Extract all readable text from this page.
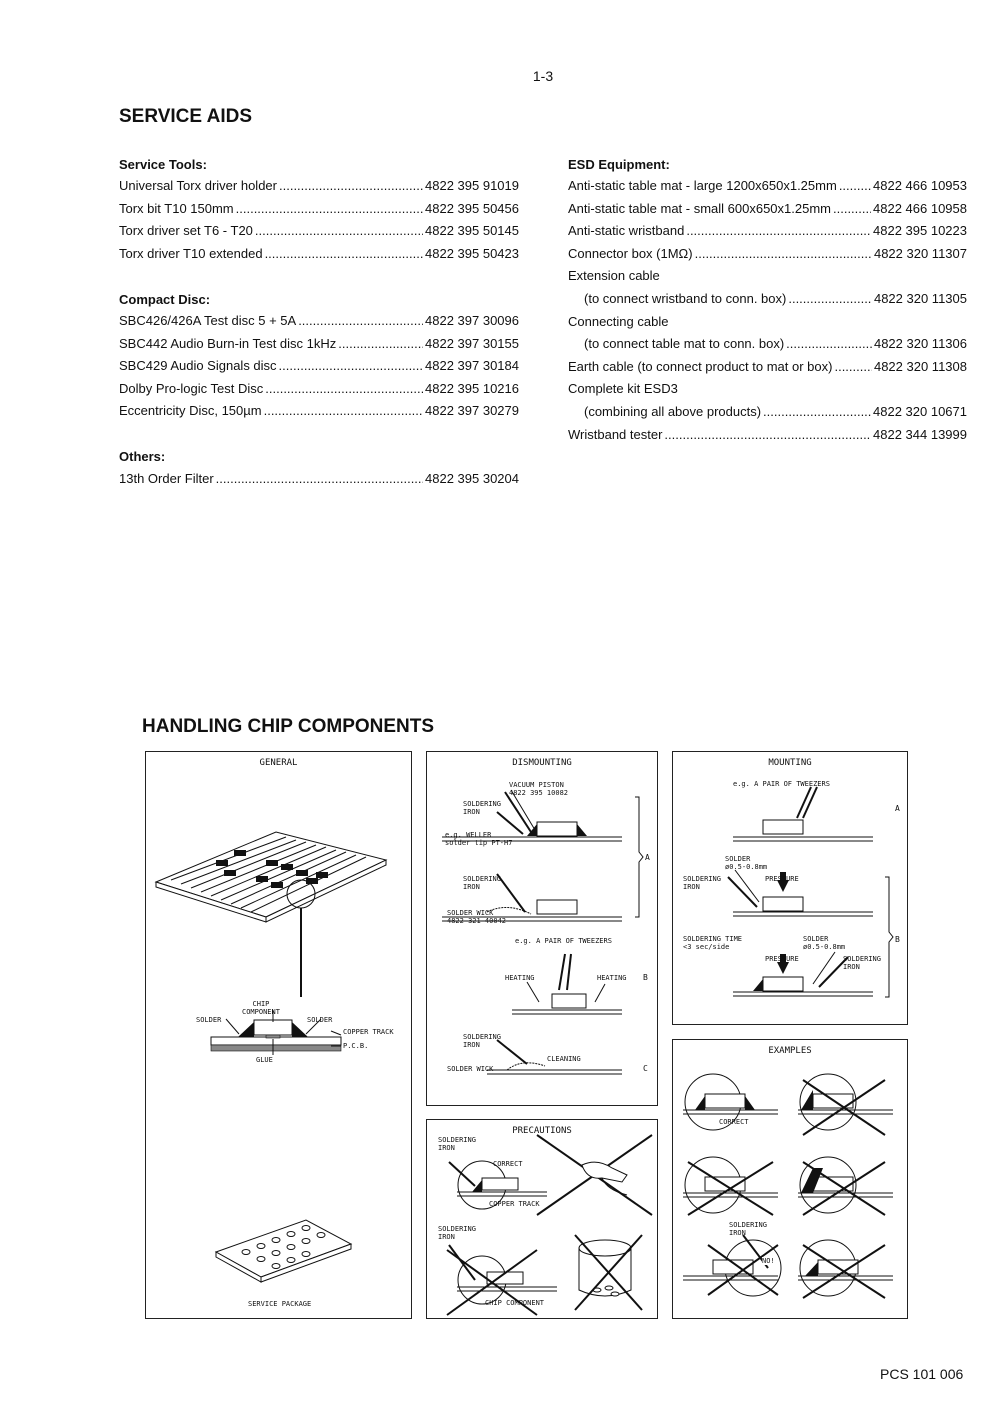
1-3
SERVICE AIDS
Service Tools:
Universal Torx driver holder .....	4822 395 91019
Torx bit T10 150mm .....	4822 395 50456
Torx driver set T6 - T20 .....	4822 395 50145
Torx driver T10 extended .....	4822 395 50423
Compact Disc:
SBC426/426A Test disc 5 + 5A .....	4822 397 30096
SBC442 Audio Burn-in Test disc 1kHz .....	4822 397 30155
SBC429 Audio Signals disc .....	4822 397 30184
Dolby Pro-logic Test Disc .....	4822 395 10216
Eccentricity Disc, 150µm .....	4822 397 30279
Others:
13th Order Filter .....	4822 395 30204
ESD Equipment:
Anti-static table mat - large 1200x650x1.25mm .....	4822 466 10953
Anti-static table mat - small 600x650x1.25mm .....	4822 466 10958
Anti-static wristband .....	4822 395 10223
Connector box (1MΩ) .....	4822 320 11307
Extension cable
(to connect wristband to conn. box) .....	4822 320 11305
Connecting cable
(to connect table mat to conn. box) .....	4822 320 11306
Earth cable (to connect product to mat or box) .....	4822 320 11308
Complete kit ESD3
(combining all above products) .....	4822 320 10671
Wristband tester .....	4822 344 13999
HANDLING CHIP COMPONENTS
GENERAL
CHIP
COMPONENT
SOLDER	SOLDER
COPPER TRACK
P.C.B.
GLUE
SERVICE PACKAGE
DISMOUNTING
VACUUM PISTON
4822 395 10082
SOLDERING
IRON
e.g. WELLER
solder tip PT-H7
A
SOLDERING
IRON
SOLDER WICK
4822 321 40042
e.g. A PAIR OF TWEEZERS
HEATING	HEATING B
SOLDERING
IRON
CLEANING
SOLDER WICK	C
MOUNTING
e.g. A PAIR OF TWEEZERS
A
SOLDER
ø0.5-0.8mm
SOLDERING
IRON
PRESSURE
SOLDERING TIME
<3 sec/side
SOLDER
ø0.5-0.8mm
PRESSURE	SOLDERING
IRON
B
EXAMPLES
CORRECT
SOLDERING
IRON
NO!
PRECAUTIONS
SOLDERING
IRON
CORRECT
COPPER TRACK
SOLDERING
IRON
CHIP COMPONENT
PCS 101 006
